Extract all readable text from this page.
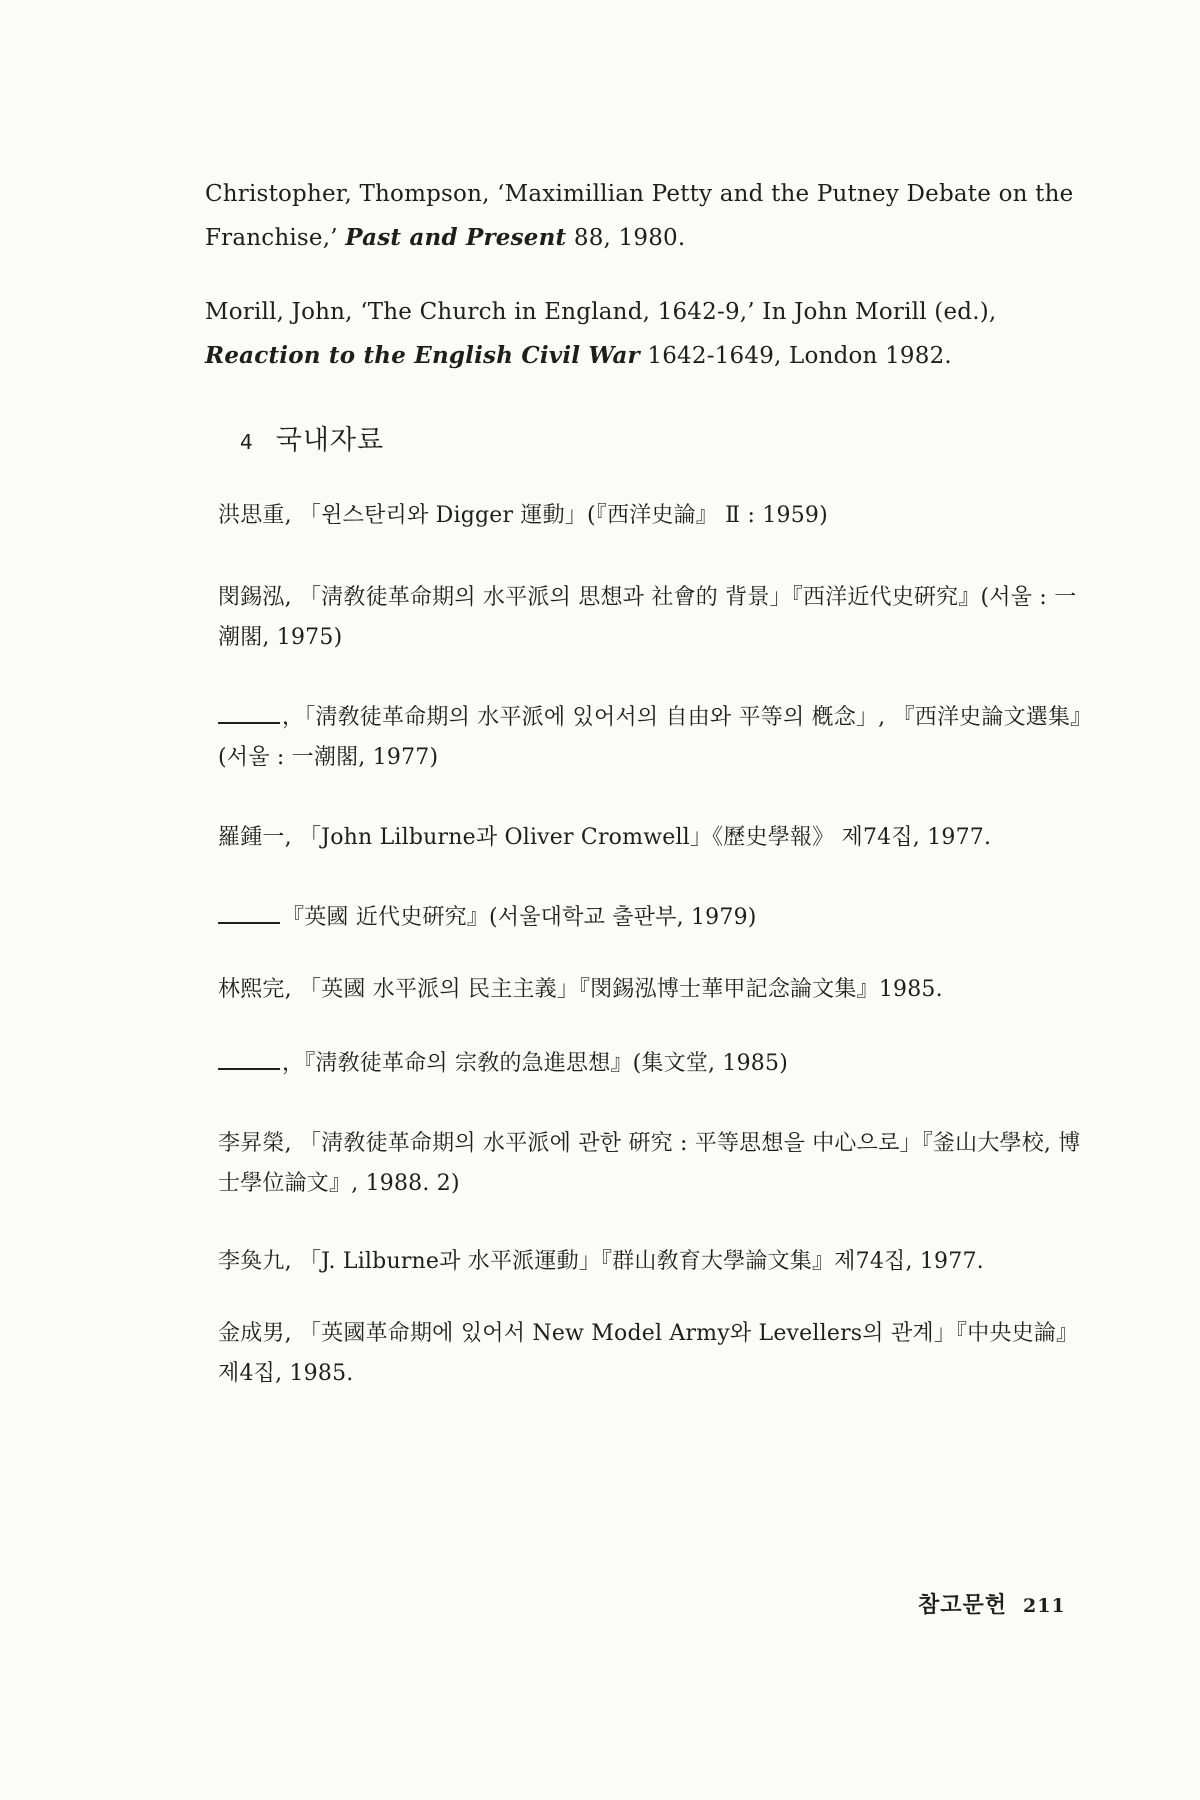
Christopher, Thompson, ‘Maximillian Petty and the Putney Debate on the Franchise,’ Past and Present 88, 1980.

Morill, John, ‘The Church in England, 1642-9,’ In John Morill (ed.), Reaction to the English Civil War 1642-1649, London 1982.

4 국내자료

洪思重, 「윈스탄리와 Digger 運動」(『西洋史論』 Ⅱ : 1959)

閔錫泓, 「淸敎徒革命期의 水平派의 思想과 社會的 背景」『西洋近代史硏究』(서울 : 一潮閣, 1975)

，「淸敎徒革命期의 水平派에 있어서의 自由와 平等의 槪念」, 『西洋史論文選集』(서울 : 一潮閣, 1977)

羅鍾一, 「John Lilburne과 Oliver Cromwell」《歷史學報》 제74집, 1977.

『英國 近代史硏究』(서울대학교 출판부, 1979)

林熙完, 「英國 水平派의 民主主義」『閔錫泓博士華甲記念論文集』1985.

，『淸敎徒革命의 宗敎的急進思想』(集文堂, 1985)

李昇榮, 「淸敎徒革命期의 水平派에 관한 硏究 : 平等思想을 中心으로」『釜山大學校, 博士學位論文』, 1988. 2)

李奐九, 「J. Lilburne과 水平派運動」『群山敎育大學論文集』제74집, 1977.

金成男, 「英國革命期에 있어서 New Model Army와 Levellers의 관계」『中央史論』제4집, 1985.

참고문헌 211
